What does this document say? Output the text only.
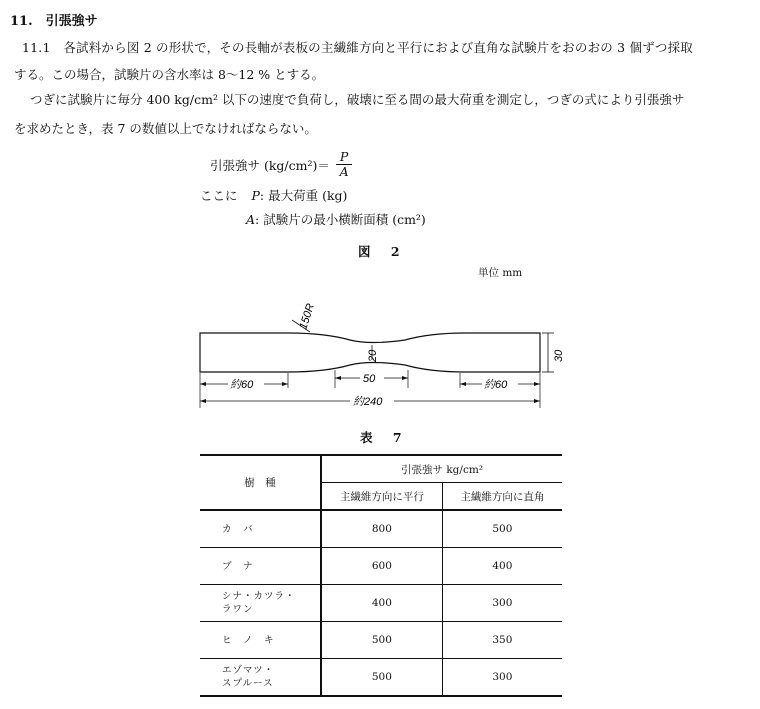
11.　引張強サ
11.1　各試料から図 2 の形状で，その長軸が表板の主繊維方向と平行におよび直角な試験片をおのおの 3 個ずつ採取
する。この場合，試験片の含水率は 8～12 % とする。
つぎに試験片に毎分 400 kg/cm² 以下の速度で負荷し，破壊に至る間の最大荷重を測定し，つぎの式により引張強サ
を求めたとき，表 7 の数値以上でなければならない。
引張強サ $(kg/cm^2)= \frac{P}{A}$
ここに P: 最大荷重 (kg)
A: 試験片の最小横断面積 (cm²)
図 2
単位 mm
150R
20	30
約60	50	約60
約240
表 7
樹　種	引張強サ kg/cm²	
	主繊維方向に平行	主繊維方向に直角
カ　バ	800	500
ブ　ナ	600	400
シナ・カツラ・
ラワン	400	300
ヒ　ノ　キ	500	350
エゾマツ・
スプルース	500	300
